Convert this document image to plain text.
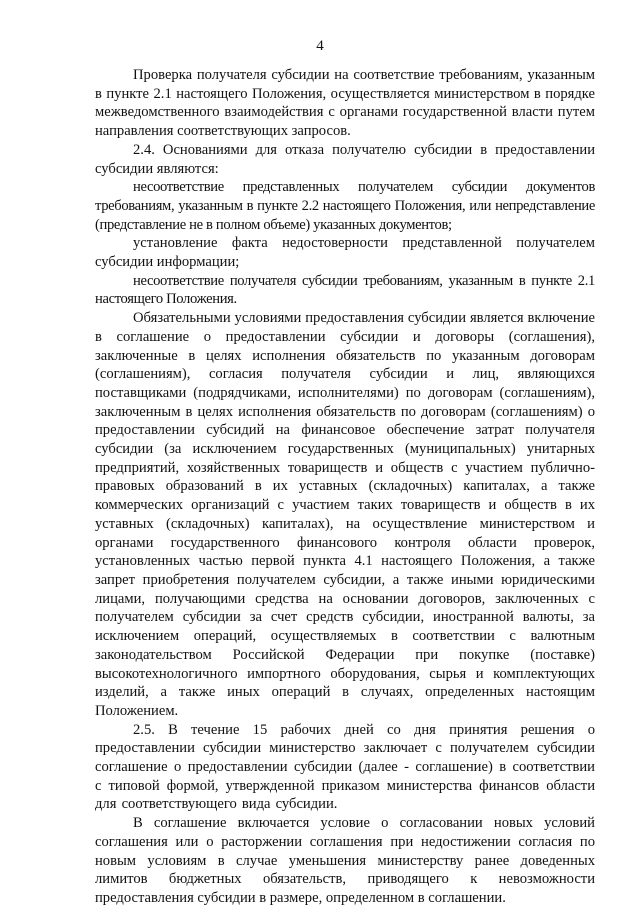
4

Проверка получателя субсидии на соответствие требованиям, указанным в пункте 2.1 настоящего Положения, осуществляется министерством в порядке межведомственного взаимодействия с органами государственной власти путем направления соответствующих запросов.

2.4. Основаниями для отказа получателю субсидии в предоставлении субсидии являются:

несоответствие представленных получателем субсидии документов требованиям, указанным в пункте 2.2 настоящего Положения, или непредставление (представление не в полном объеме) указанных документов;

установление факта недостоверности представленной получателем субсидии информации;

несоответствие получателя субсидии требованиям, указанным в пункте 2.1 настоящего Положения.

Обязательными условиями предоставления субсидии является включение в соглашение о предоставлении субсидии и договоры (соглашения), заключенные в целях исполнения обязательств по указанным договорам (соглашениям), согласия получателя субсидии и лиц, являющихся поставщиками (подрядчиками, исполнителями) по договорам (соглашениям), заключенным в целях исполнения обязательств по договорам (соглашениям) о предоставлении субсидий на финансовое обеспечение затрат получателя субсидии (за исключением государственных (муниципальных) унитарных предприятий, хозяйственных товариществ и обществ с участием публично-правовых образований в их уставных (складочных) капиталах, а также коммерческих организаций с участием таких товариществ и обществ в их уставных (складочных) капиталах), на осуществление министерством и органами государственного финансового контроля области проверок, установленных частью первой пункта 4.1 настоящего Положения, а также запрет приобретения получателем субсидии, а также иными юридическими лицами, получающими средства на основании договоров, заключенных с получателем субсидии за счет средств субсидии, иностранной валюты, за исключением операций, осуществляемых в соответствии с валютным законодательством Российской Федерации при покупке (поставке) высокотехнологичного импортного оборудования, сырья и комплектующих изделий, а также иных операций в случаях, определенных настоящим Положением.

2.5. В течение 15 рабочих дней со дня принятия решения о предоставлении субсидии министерство заключает с получателем субсидии соглашение о предоставлении субсидии (далее - соглашение) в соответствии с типовой формой, утвержденной приказом министерства финансов области для соответствующего вида субсидии.

В соглашение включается условие о согласовании новых условий соглашения или о расторжении соглашения при недостижении согласия по новым условиям в случае уменьшения министерству ранее доведенных лимитов бюджетных обязательств, приводящего к невозможности предоставления субсидии в размере, определенном в соглашении.
